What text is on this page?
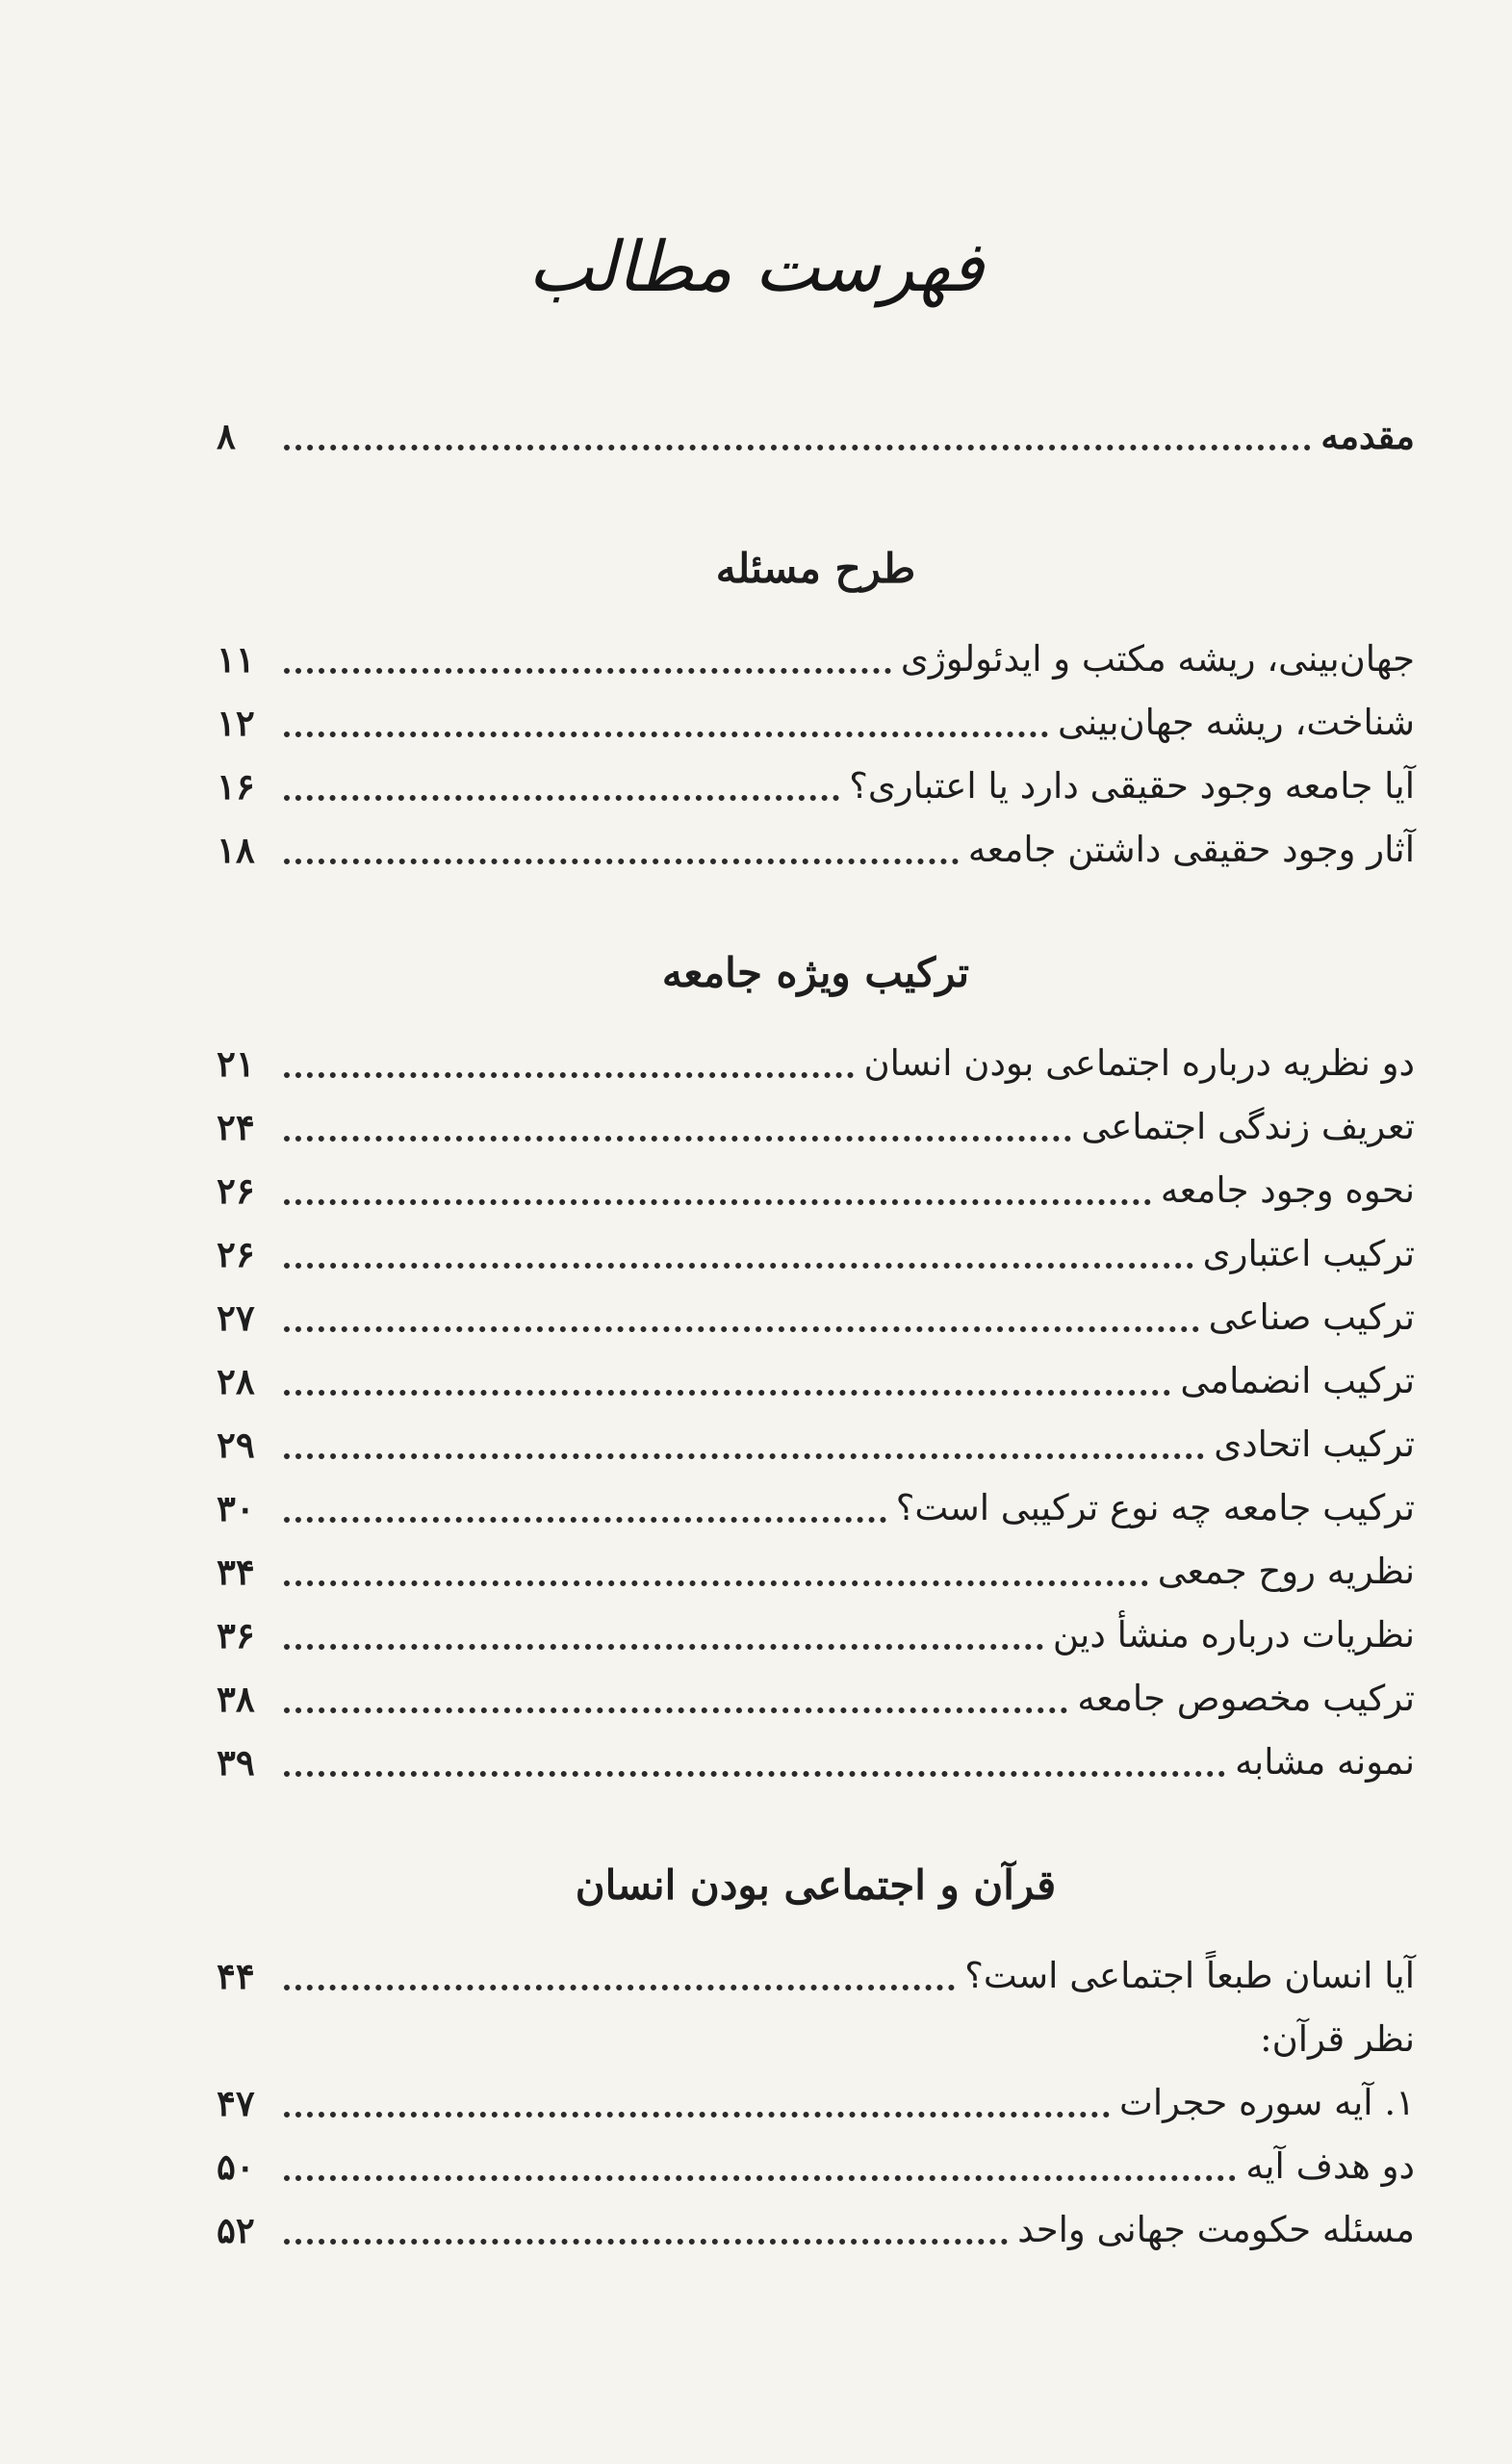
فهرست مطالب
مقدمه
۸
طرح مسئله
جهان‌بینی، ریشه مکتب و ایدئولوژی
۱۱
شناخت، ریشه جهان‌بینی
۱۲
آیا جامعه وجود حقیقی دارد یا اعتباری؟
۱۶
آثار وجود حقیقی داشتن جامعه
۱۸
ترکیب ویژه جامعه
دو نظریه درباره اجتماعی بودن انسان
۲۱
تعریف زندگی اجتماعی
۲۴
نحوه وجود جامعه
۲۶
ترکیب اعتباری
۲۶
ترکیب صناعی
۲۷
ترکیب انضمامی
۲۸
ترکیب اتحادی
۲۹
ترکیب جامعه چه نوع ترکیبی است؟
۳۰
نظریه روح جمعی
۳۴
نظریات درباره منشأ دین
۳۶
ترکیب مخصوص جامعه
۳۸
نمونه مشابه
۳۹
قرآن و اجتماعی بودن انسان
آیا انسان طبعاً اجتماعی است؟
۴۴
نظر قرآن:
۱. آیه سوره حجرات
۴۷
دو هدف آیه
۵۰
مسئله حکومت جهانی واحد
۵۲
